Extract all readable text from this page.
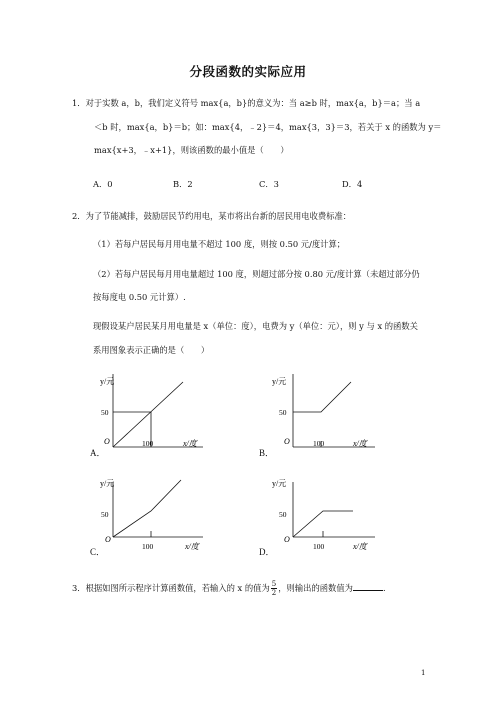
分段函数的实际应用
1．对于实数 a，b，我们定义符号 max{a，b}的意义为：当 a≥b 时，max{a，b}＝a；当 a
＜b 时，max{a，b}＝b；如：max{4，﹣2}＝4，max{3，3}＝3，若关于 x 的函数为 y＝
max{x+3，﹣x+1}，则该函数的最小值是（　　）
A．0	B．2	C．3	D．4
2．为了节能减排，鼓励居民节约用电，某市将出台新的居民用电收费标准：
（1）若每户居民每月用电量不超过 100 度，则按 0.50 元/度计算；
（2）若每户居民每月用电量超过 100 度，则超过部分按 0.80 元/度计算（未超过部分仍
按每度电 0.50 元计算）.
现假设某户居民某月用电量是 x（单位：度），电费为 y（单位：元），则 y 与 x 的函数关
系用图象表示正确的是（　　）
y/元
50
O	100	x/度
A．
y/元
50
O	100	x/度
B．
y/元
50
O
100	x/度
C．
y/元
50
O
100	x/度
D．
3．根据如图所示程序计算函数值，若输入的 x 的值为 $\frac{5}{2}$ ，则输出的函数值为	.
1
